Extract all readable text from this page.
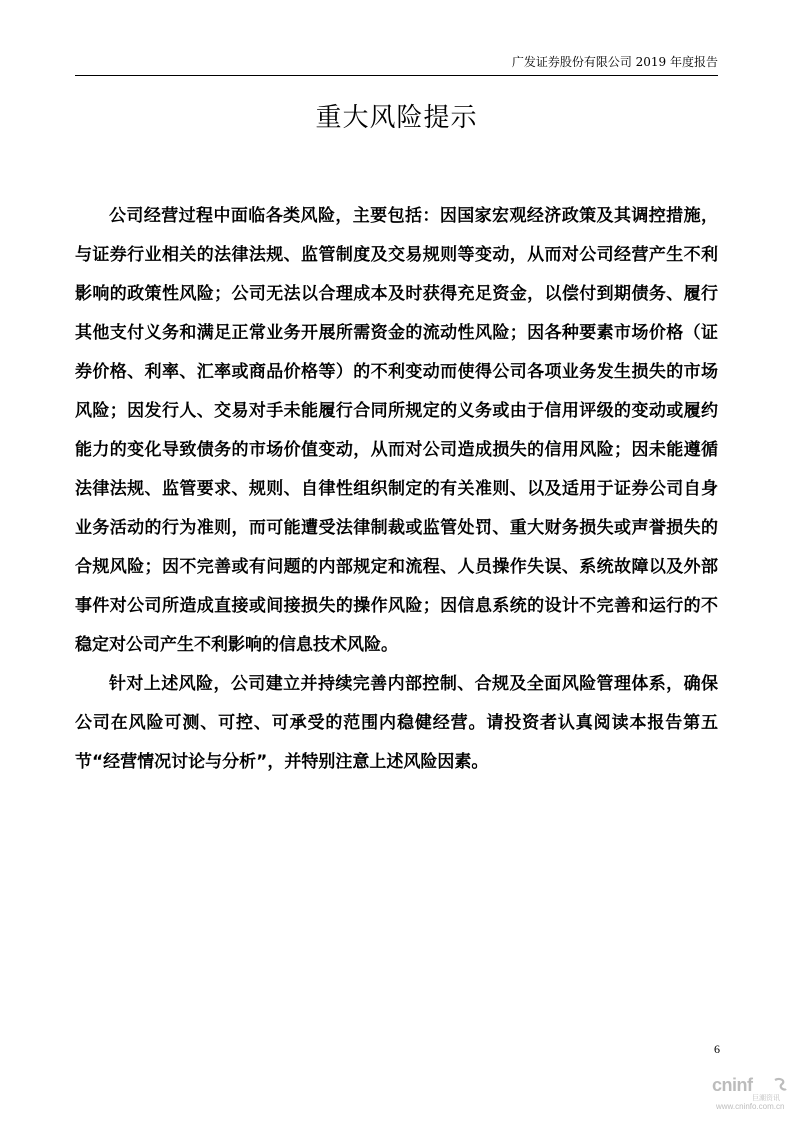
广发证券股份有限公司 2019 年度报告
重大风险提示

公司经营过程中面临各类风险，主要包括：因国家宏观经济政策及其调控措施，与证券行业相关的法律法规、监管制度及交易规则等变动，从而对公司经营产生不利影响的政策性风险；公司无法以合理成本及时获得充足资金，以偿付到期债务、履行其他支付义务和满足正常业务开展所需资金的流动性风险；因各种要素市场价格（证券价格、利率、汇率或商品价格等）的不利变动而使得公司各项业务发生损失的市场风险；因发行人、交易对手未能履行合同所规定的义务或由于信用评级的变动或履约能力的变化导致债务的市场价值变动，从而对公司造成损失的信用风险；因未能遵循法律法规、监管要求、规则、自律性组织制定的有关准则、以及适用于证券公司自身业务活动的行为准则，而可能遭受法律制裁或监管处罚、重大财务损失或声誉损失的合规风险；因不完善或有问题的内部规定和流程、人员操作失误、系统故障以及外部事件对公司所造成直接或间接损失的操作风险；因信息系统的设计不完善和运行的不稳定对公司产生不利影响的信息技术风险。

针对上述风险，公司建立并持续完善内部控制、合规及全面风险管理体系，确保公司在风险可测、可控、可承受的范围内稳健经营。请投资者认真阅读本报告第五节“经营情况讨论与分析”，并特别注意上述风险因素。

6
cninf
巨潮资讯
www.cninfo.com.cn
